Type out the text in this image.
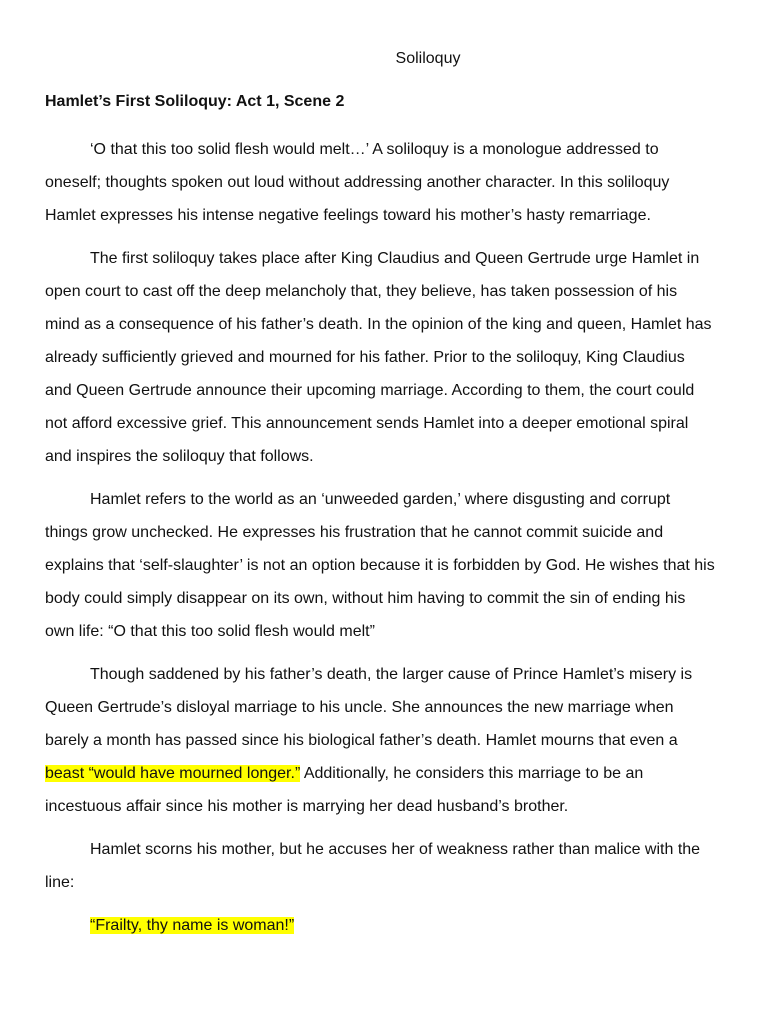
Soliloquy
Hamlet’s First Soliloquy: Act 1, Scene 2
‘O that this too solid flesh would melt…’ A soliloquy is a monologue addressed to
oneself; thoughts spoken out loud without addressing another character. In this soliloquy
Hamlet expresses his intense negative feelings toward his mother’s hasty remarriage.
The first soliloquy takes place after King Claudius and Queen Gertrude urge Hamlet in
open court to cast off the deep melancholy that, they believe, has taken possession of his
mind as a consequence of his father’s death. In the opinion of the king and queen, Hamlet has
already sufficiently grieved and mourned for his father. Prior to the soliloquy, King Claudius
and Queen Gertrude announce their upcoming marriage. According to them, the court could
not afford excessive grief. This announcement sends Hamlet into a deeper emotional spiral
and inspires the soliloquy that follows.
Hamlet refers to the world as an ‘unweeded garden,’ where disgusting and corrupt
things grow unchecked. He expresses his frustration that he cannot commit suicide and
explains that ‘self-slaughter’ is not an option because it is forbidden by God. He wishes that his
body could simply disappear on its own, without him having to commit the sin of ending his
own life: “O that this too solid flesh would melt”
Though saddened by his father’s death, the larger cause of Prince Hamlet’s misery is
Queen Gertrude’s disloyal marriage to his uncle. She announces the new marriage when
barely a month has passed since his biological father’s death. Hamlet mourns that even a
beast “would have mourned longer.” Additionally, he considers this marriage to be an
incestuous affair since his mother is marrying her dead husband’s brother.
Hamlet scorns his mother, but he accuses her of weakness rather than malice with the
line:
“Frailty, thy name is woman!”
